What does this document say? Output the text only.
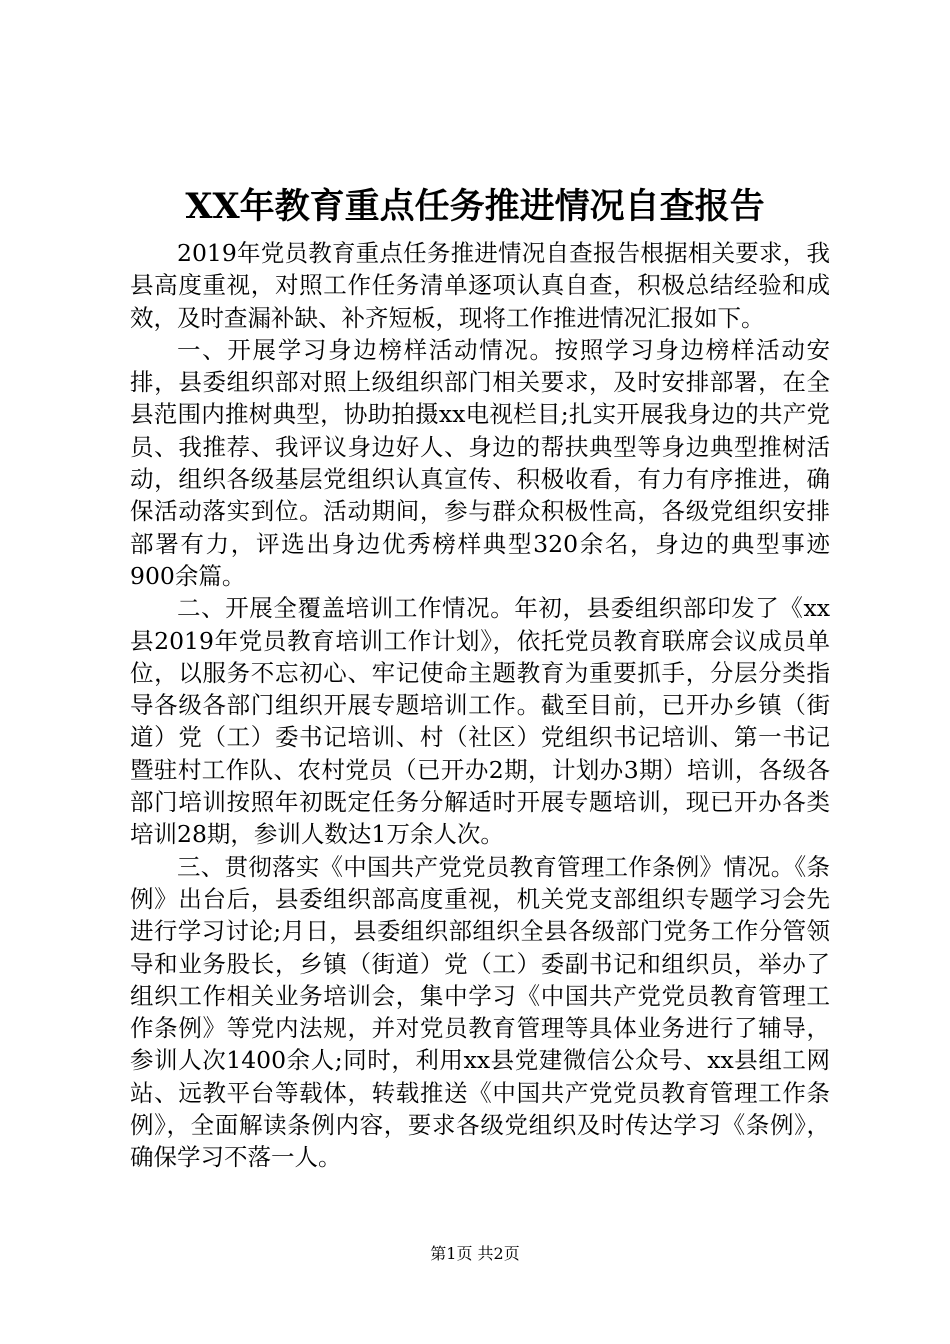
XX年教育重点任务推进情况自查报告

2019年党员教育重点任务推进情况自查报告根据相关要求，我县高度重视，对照工作任务清单逐项认真自查，积极总结经验和成效，及时查漏补缺、补齐短板，现将工作推进情况汇报如下。

一、开展学习身边榜样活动情况。按照学习身边榜样活动安排，县委组织部对照上级组织部门相关要求，及时安排部署，在全县范围内推树典型，协助拍摄xx电视栏目;扎实开展我身边的共产党员、我推荐、我评议身边好人、身边的帮扶典型等身边典型推树活动，组织各级基层党组织认真宣传、积极收看，有力有序推进，确保活动落实到位。活动期间，参与群众积极性高，各级党组织安排部署有力，评选出身边优秀榜样典型320余名，身边的典型事迹900余篇。

二、开展全覆盖培训工作情况。年初，县委组织部印发了《xx县2019年党员教育培训工作计划》，依托党员教育联席会议成员单位，以服务不忘初心、牢记使命主题教育为重要抓手，分层分类指导各级各部门组织开展专题培训工作。截至目前，已开办乡镇（街道）党（工）委书记培训、村（社区）党组织书记培训、第一书记暨驻村工作队、农村党员（已开办2期，计划办3期）培训，各级各部门培训按照年初既定任务分解适时开展专题培训，现已开办各类培训28期，参训人数达1万余人次。

三、贯彻落实《中国共产党党员教育管理工作条例》情况。《条例》出台后，县委组织部高度重视，机关党支部组织专题学习会先进行学习讨论;月日，县委组织部组织全县各级部门党务工作分管领导和业务股长，乡镇（街道）党（工）委副书记和组织员，举办了组织工作相关业务培训会，集中学习《中国共产党党员教育管理工作条例》等党内法规，并对党员教育管理等具体业务进行了辅导，参训人次1400余人;同时，利用xx县党建微信公众号、xx县组工网站、远教平台等载体，转载推送《中国共产党党员教育管理工作条例》，全面解读条例内容，要求各级党组织及时传达学习《条例》，确保学习不落一人。

第1页 共2页
